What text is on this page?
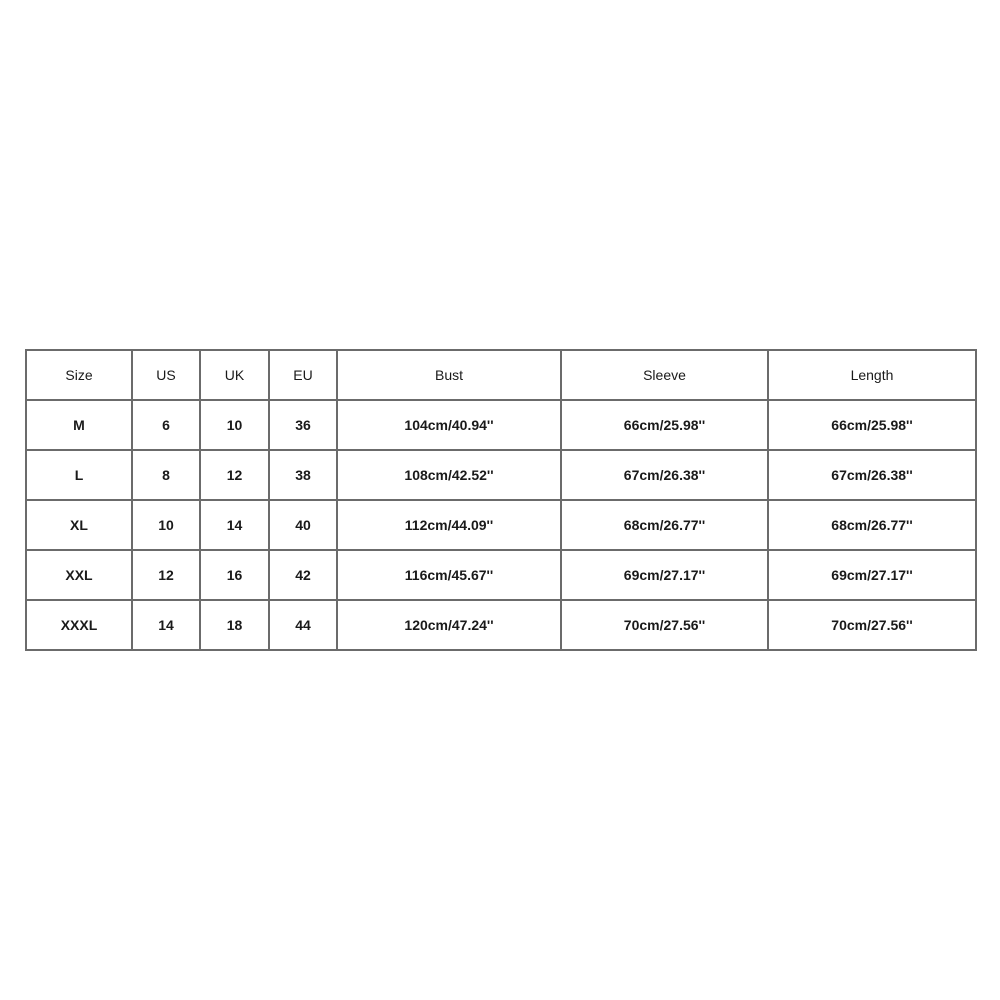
Size	US	UK	EU	Bust	Sleeve	Length
M	6	10	36	104cm/40.94''	66cm/25.98''	66cm/25.98''
L	8	12	38	108cm/42.52''	67cm/26.38''	67cm/26.38''
XL	10	14	40	112cm/44.09''	68cm/26.77''	68cm/26.77''
XXL	12	16	42	116cm/45.67''	69cm/27.17''	69cm/27.17''
XXXL	14	18	44	120cm/47.24''	70cm/27.56''	70cm/27.56''
